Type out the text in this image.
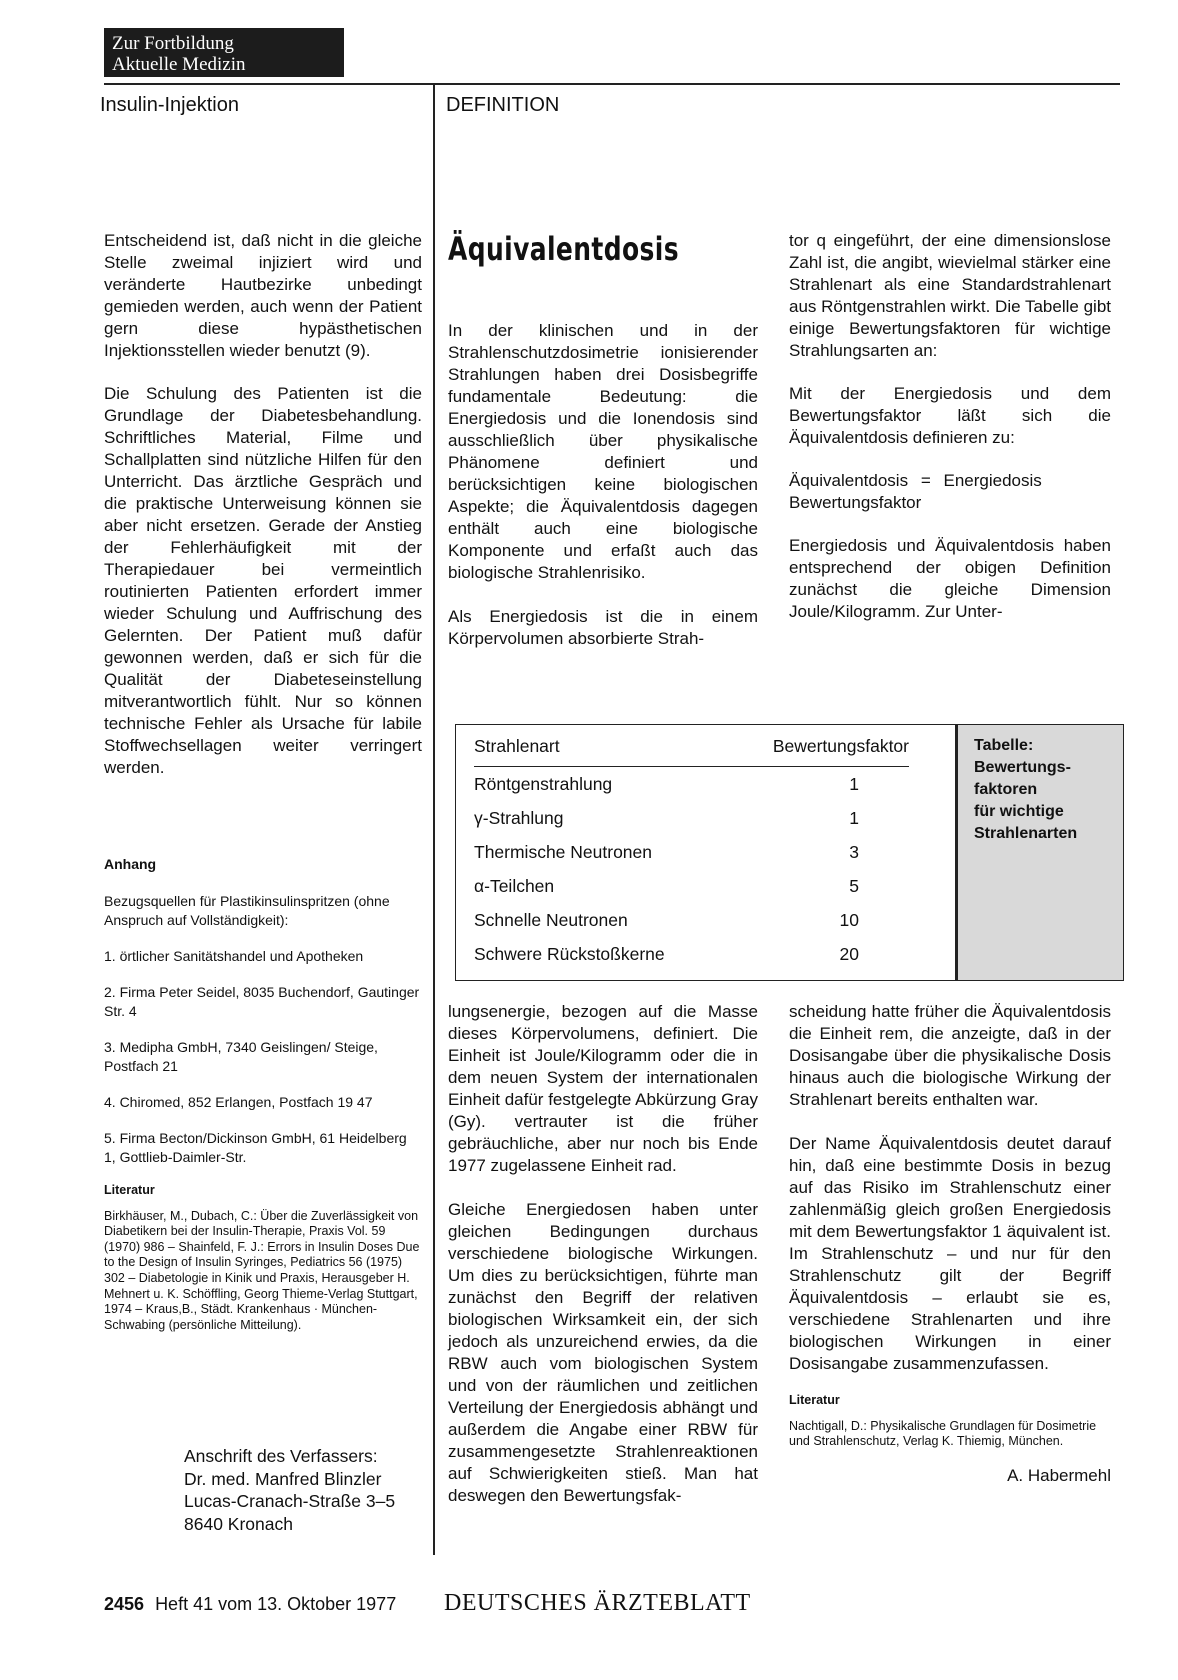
Zur Fortbildung
Aktuelle Medizin
Insulin-Injektion	DEFINITION

Entscheidend ist, daß nicht in die gleiche Stelle zweimal injiziert wird und veränderte Hautbezirke unbedingt gemieden werden, auch wenn der Patient gern diese hypästhetischen Injektionsstellen wieder benutzt (9).

Die Schulung des Patienten ist die Grundlage der Diabetesbehandlung. Schriftliches Material, Filme und Schallplatten sind nützliche Hilfen für den Unterricht. Das ärztliche Gespräch und die praktische Unterweisung können sie aber nicht ersetzen. Gerade der Anstieg der Fehlerhäufigkeit mit der Therapiedauer bei vermeintlich routinierten Patienten erfordert immer wieder Schulung und Auffrischung des Gelernten. Der Patient muß dafür gewonnen werden, daß er sich für die Qualität der Diabeteseinstellung mitverantwortlich fühlt. Nur so können technische Fehler als Ursache für labile Stoffwechsellagen weiter verringert werden.

Anhang

Bezugsquellen für Plastikinsulinspritzen (ohne Anspruch auf Vollständigkeit):

1. örtlicher Sanitätshandel und Apotheken

2. Firma Peter Seidel, 8035 Buchendorf, Gautinger Str. 4

3. Medipha GmbH, 7340 Geislingen/ Steige, Postfach 21

4. Chiromed, 852 Erlangen, Postfach 19 47

5. Firma Becton/Dickinson GmbH, 61 Heidelberg 1, Gottlieb-Daimler-Str.

Literatur

Birkhäuser, M., Dubach, C.: Über die Zuverlässigkeit von Diabetikern bei der Insulin-Therapie, Praxis Vol. 59 (1970) 986 – Shainfeld, F. J.: Errors in Insulin Doses Due to the Design of Insulin Syringes, Pediatrics 56 (1975) 302 – Diabetologie in Kinik und Praxis, Herausgeber H. Mehnert u. K. Schöffling, Georg Thieme-Verlag Stuttgart, 1974 – Kraus,B., Städt. Krankenhaus · München-Schwabing (persönliche Mitteilung).

Anschrift des Verfassers:
Dr. med. Manfred Blinzler
Lucas-Cranach-Straße 3–5
8640 Kronach
Äquivalentdosis

In der klinischen und in der Strahlenschutzdosimetrie ionisierender Strahlungen haben drei Dosisbegriffe fundamentale Bedeutung: die Energiedosis und die Ionendosis sind ausschließlich über physikalische Phänomene definiert und berücksichtigen keine biologischen Aspekte; die Äquivalentdosis dagegen enthält auch eine biologische Komponente und erfaßt auch das biologische Strahlenrisiko.

Als Energiedosis ist die in einem Körpervolumen absorbierte Strah-

tor q eingeführt, der eine dimensionslose Zahl ist, die angibt, wievielmal stärker eine Strahlenart als eine Standardstrahlenart aus Röntgenstrahlen wirkt. Die Tabelle gibt einige Bewertungsfaktoren für wichtige Strahlungsarten an:

Mit der Energiedosis und dem Bewertungsfaktor läßt sich die Äquivalentdosis definieren zu:

Äquivalentdosis = Energiedosis
Bewertungsfaktor

Energiedosis und Äquivalentdosis haben entsprechend der obigen Definition zunächst die gleiche Dimension Joule/Kilogramm. Zur Unter-

Tabelle:
Bewertungs-
faktoren
für wichtige
Strahlenarten
Strahlenart	Bewertungsfaktor
Röntgenstrahlung	1
γ-Strahlung	1
Thermische Neutronen	3
α-Teilchen	5
Schnelle Neutronen	10
Schwere Rückstoßkerne	20

lungsenergie, bezogen auf die Masse dieses Körpervolumens, definiert. Die Einheit ist Joule/Kilogramm oder die in dem neuen System der internationalen Einheit dafür festgelegte Abkürzung Gray (Gy). vertrauter ist die früher gebräuchliche, aber nur noch bis Ende 1977 zugelassene Einheit rad.

Gleiche Energiedosen haben unter gleichen Bedingungen durchaus verschiedene biologische Wirkungen. Um dies zu berücksichtigen, führte man zunächst den Begriff der relativen biologischen Wirksamkeit ein, der sich jedoch als unzureichend erwies, da die RBW auch vom biologischen System und von der räumlichen und zeitlichen Verteilung der Energiedosis abhängt und außerdem die Angabe einer RBW für zusammengesetzte Strahlenreaktionen auf Schwierigkeiten stieß. Man hat deswegen den Bewertungsfak-

scheidung hatte früher die Äquivalentdosis die Einheit rem, die anzeigte, daß in der Dosisangabe über die physikalische Dosis hinaus auch die biologische Wirkung der Strahlenart bereits enthalten war.

Der Name Äquivalentdosis deutet darauf hin, daß eine bestimmte Dosis in bezug auf das Risiko im Strahlenschutz einer zahlenmäßig gleich großen Energiedosis mit dem Bewertungsfaktor 1 äquivalent ist. Im Strahlenschutz – und nur für den Strahlenschutz gilt der Begriff Äquivalentdosis – erlaubt sie es, verschiedene Strahlenarten und ihre biologischen Wirkungen in einer Dosisangabe zusammenzufassen.

Literatur

Nachtigall, D.: Physikalische Grundlagen für Dosimetrie und Strahlenschutz, Verlag K. Thiemig, München.

A. Habermehl
2456 Heft 41 vom 13. Oktober 1977 DEUTSCHES ÄRZTEBLATT
